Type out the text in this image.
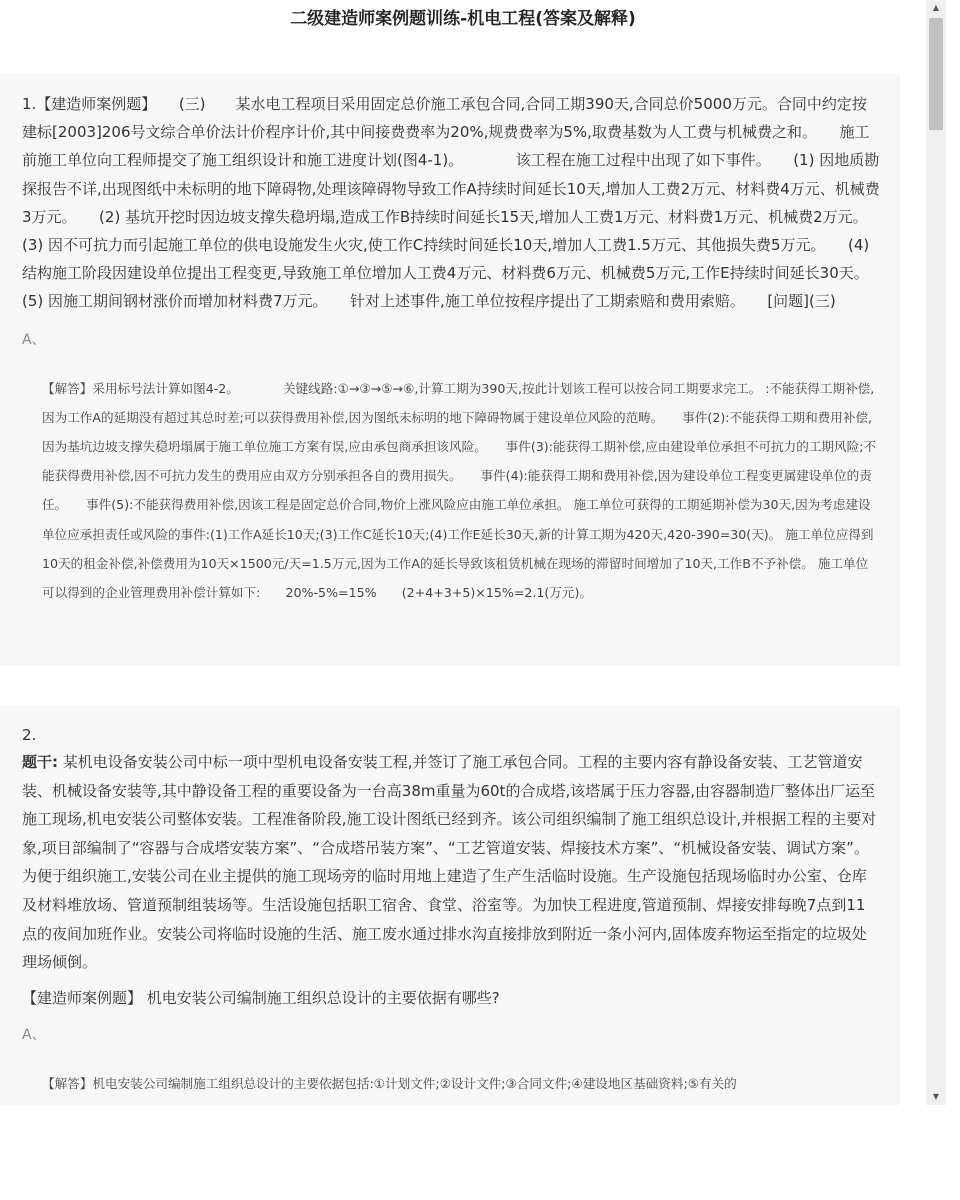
二级建造师案例题训练-机电工程(答案及解释)
1.【建造师案例题】　　(三)　　某水电工程项目采用固定总价施工承包合同,合同工期390天,合同总价5000万元。合同中约定按建标[2003]206号文综合单价法计价程序计价,其中间接费费率为20%,规费费率为5%,取费基数为人工费与机械费之和。　　施工前施工单位向工程师提交了施工组织设计和施工进度计划(图4-1)。　　　　该工程在施工过程中出现了如下事件。　　(1) 因地质勘探报告不详,出现图纸中未标明的地下障碍物,处理该障碍物导致工作A持续时间延长10天,增加人工费2万元、材料费4万元、机械费3万元。　　(2) 基坑开挖时因边坡支撑失稳坍塌,造成工作B持续时间延长15天,增加人工费1万元、材料费1万元、机械费2万元。　　(3) 因不可抗力而引起施工单位的供电设施发生火灾,使工作C持续时间延长10天,增加人工费1.5万元、其他损失费5万元。　　(4) 结构施工阶段因建设单位提出工程变更,导致施工单位增加人工费4万元、材料费6万元、机械费5万元,工作E持续时间延长30天。　　(5) 因施工期间钢材涨价而增加材料费7万元。　　针对上述事件,施工单位按程序提出了工期索赔和费用索赔。　　[问题](三)
A、
【解答】采用标号法计算如图4-2。　　　　关键线路:①→③→⑤→⑥,计算工期为390天,按此计划该工程可以按合同工期要求完工。 :不能获得工期补偿,因为工作A的延期没有超过其总时差;可以获得费用补偿,因为图纸未标明的地下障碍物属于建设单位风险的范畴。　　事件(2):不能获得工期和费用补偿,因为基坑边坡支撑失稳坍塌属于施工单位施工方案有误,应由承包商承担该风险。　　事件(3):能获得工期补偿,应由建设单位承担不可抗力的工期风险;不能获得费用补偿,因不可抗力发生的费用应由双方分别承担各自的费用损失。　　事件(4):能获得工期和费用补偿,因为建设单位工程变更属建设单位的责任。　　事件(5):不能获得费用补偿,因该工程是固定总价合同,物价上涨风险应由施工单位承担。 施工单位可获得的工期延期补偿为30天,因为考虑建设单位应承担责任或风险的事件:(1)工作A延长10天;(3)工作C延长10天;(4)工作E延长30天,新的计算工期为420天,420-390=30(天)。 施工单位应得到10天的租金补偿,补偿费用为10天×1500元/天=1.5万元,因为工作A的延长导致该租赁机械在现场的滞留时间增加了10天,工作B不予补偿。 施工单位可以得到的企业管理费用补偿计算如下:　　20%-5%=15%　　(2+4+3+5)×15%=2.1(万元)。
2.
题干: 某机电设备安装公司中标一项中型机电设备安装工程,并签订了施工承包合同。工程的主要内容有静设备安装、工艺管道安装、机械设备安装等,其中静设备工程的重要设备为一台高38m重量为60t的合成塔,该塔属于压力容器,由容器制造厂整体出厂运至施工现场,机电安装公司整体安装。工程准备阶段,施工设计图纸已经到齐。该公司组织编制了施工组织总设计,并根据工程的主要对象,项目部编制了“容器与合成塔安装方案”、“合成塔吊装方案”、“工艺管道安装、焊接技术方案”、“机械设备安装、调试方案”。
为便于组织施工,安装公司在业主提供的施工现场旁的临时用地上建造了生产生活临时设施。生产设施包括现场临时办公室、仓库及材料堆放场、管道预制组装场等。生活设施包括职工宿舍、食堂、浴室等。为加快工程进度,管道预制、焊接安排每晚7点到11点的夜间加班作业。安装公司将临时设施的生活、施工废水通过排水沟直接排放到附近一条小河内,固体废弃物运至指定的垃圾处理场倾倒。
【建造师案例题】 机电安装公司编制施工组织总设计的主要依据有哪些?
A、
【解答】机电安装公司编制施工组织总设计的主要依据包括:①计划文件;②设计文件;③合同文件;④建设地区基础资料;⑤有关的
▲
▼
